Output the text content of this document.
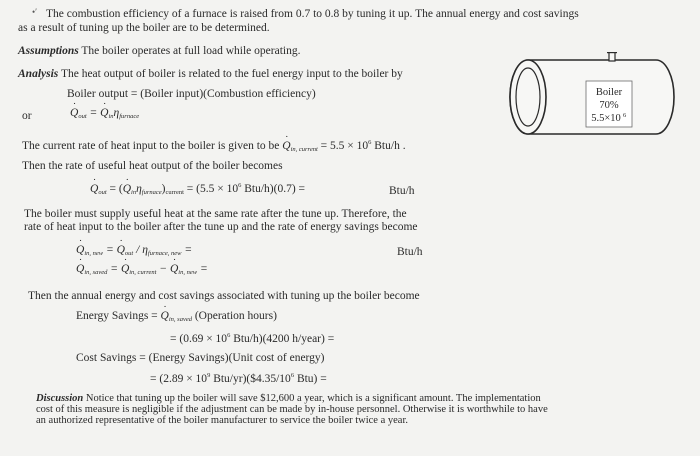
•′ The combustion efficiency of a furnace is raised from 0.7 to 0.8 by tuning it up. The annual energy and cost savings
as a result of tuning up the boiler are to be determined.
Assumptions The boiler operates at full load while operating.
Analysis The heat output of boiler is related to the fuel energy input to the boiler by
Boiler output = (Boiler input)(Combustion efficiency)
or	˙ $Q_{out}$ = ˙ $Q_{in}\eta_{furnace}$
The current rate of heat input to the boiler is given to be ˙ $Q_{in, current} = 5.5 \times 10^6$ Btu/h .
Then the rate of useful heat output of the boiler becomes
˙ $Q_{out}$ = (˙ $Q_{in}\eta_{furnace})_{current} = (5.5 \times 10^6$ Btu/h)(0.7) =	Btu/h
The boiler must supply useful heat at the same rate after the tune up. Therefore, the
rate of heat input to the boiler after the tune up and the rate of energy savings become
˙ $Q_{in, new}$ = ˙ $Q_{out} / \eta_{furnace, new}$ =	Btu/h
˙ $Q_{in, saved}$ = ˙ $Q_{in, current}$ − ˙ $Q_{in, new}$ =
Then the annual energy and cost savings associated with tuning up the boiler become
Energy Savings = ˙ $Q_{in, saved}$ (Operation hours)
= ($0.69 \times 10^6$ Btu/h)(4200 h/year) =
Cost Savings = (Energy Savings)(Unit cost of energy)
= ($2.89 \times 10^9$ Btu/$yr)(\$4.35/10^6$ Btu) =
Discussion Notice that tuning up the boiler will save $12,600 a year, which is a significant amount. The implementation
cost of this measure is negligible if the adjustment can be made by in-house personnel. Otherwise it is worthwhile to have
an authorized representative of the boiler manufacturer to service the boiler twice a year.
Boiler
70%
5.5×10 6
